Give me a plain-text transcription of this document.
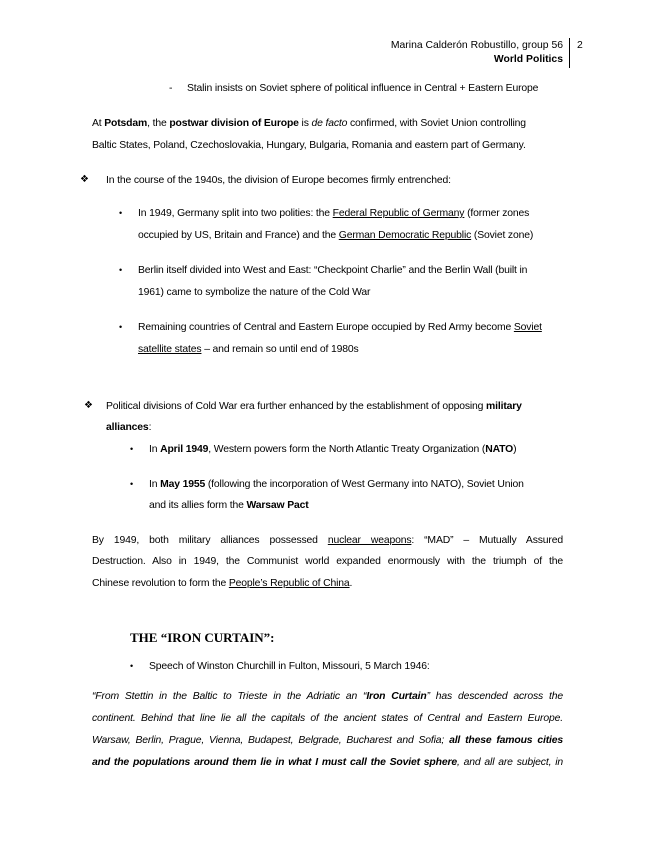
Marina Calderón Robustillo, group 56
World Politics
2
- Stalin insists on Soviet sphere of political influence in Central + Eastern Europe
At Potsdam, the postwar division of Europe is de facto confirmed, with Soviet Union controlling
Baltic States, Poland, Czechoslovakia, Hungary, Bulgaria, Romania and eastern part of Germany.
❖ In the course of the 1940s, the division of Europe becomes firmly entrenched:
• In 1949, Germany split into two polities: the Federal Republic of Germany (former zones
occupied by US, Britain and France) and the German Democratic Republic (Soviet zone)
• Berlin itself divided into West and East: “Checkpoint Charlie” and the Berlin Wall (built in
1961) came to symbolize the nature of the Cold War
• Remaining countries of Central and Eastern Europe occupied by Red Army become Soviet
satellite states – and remain so until end of 1980s
❖ Political divisions of Cold War era further enhanced by the establishment of opposing military
alliances:
• In April 1949, Western powers form the North Atlantic Treaty Organization (NATO)
• In May 1955 (following the incorporation of West Germany into NATO), Soviet Union
and its allies form the Warsaw Pact
By 1949, both military alliances possessed nuclear weapons: “MAD” – Mutually Assured
Destruction. Also in 1949, the Communist world expanded enormously with the triumph of the
Chinese revolution to form the People’s Republic of China.
THE “IRON CURTAIN”:
• Speech of Winston Churchill in Fulton, Missouri, 5 March 1946:
“From Stettin in the Baltic to Trieste in the Adriatic an “Iron Curtain” has descended across the
continent. Behind that line lie all the capitals of the ancient states of Central and Eastern Europe.
Warsaw, Berlin, Prague, Vienna, Budapest, Belgrade, Bucharest and Sofia; all these famous cities
and the populations around them lie in what I must call the Soviet sphere, and all are subject, in
